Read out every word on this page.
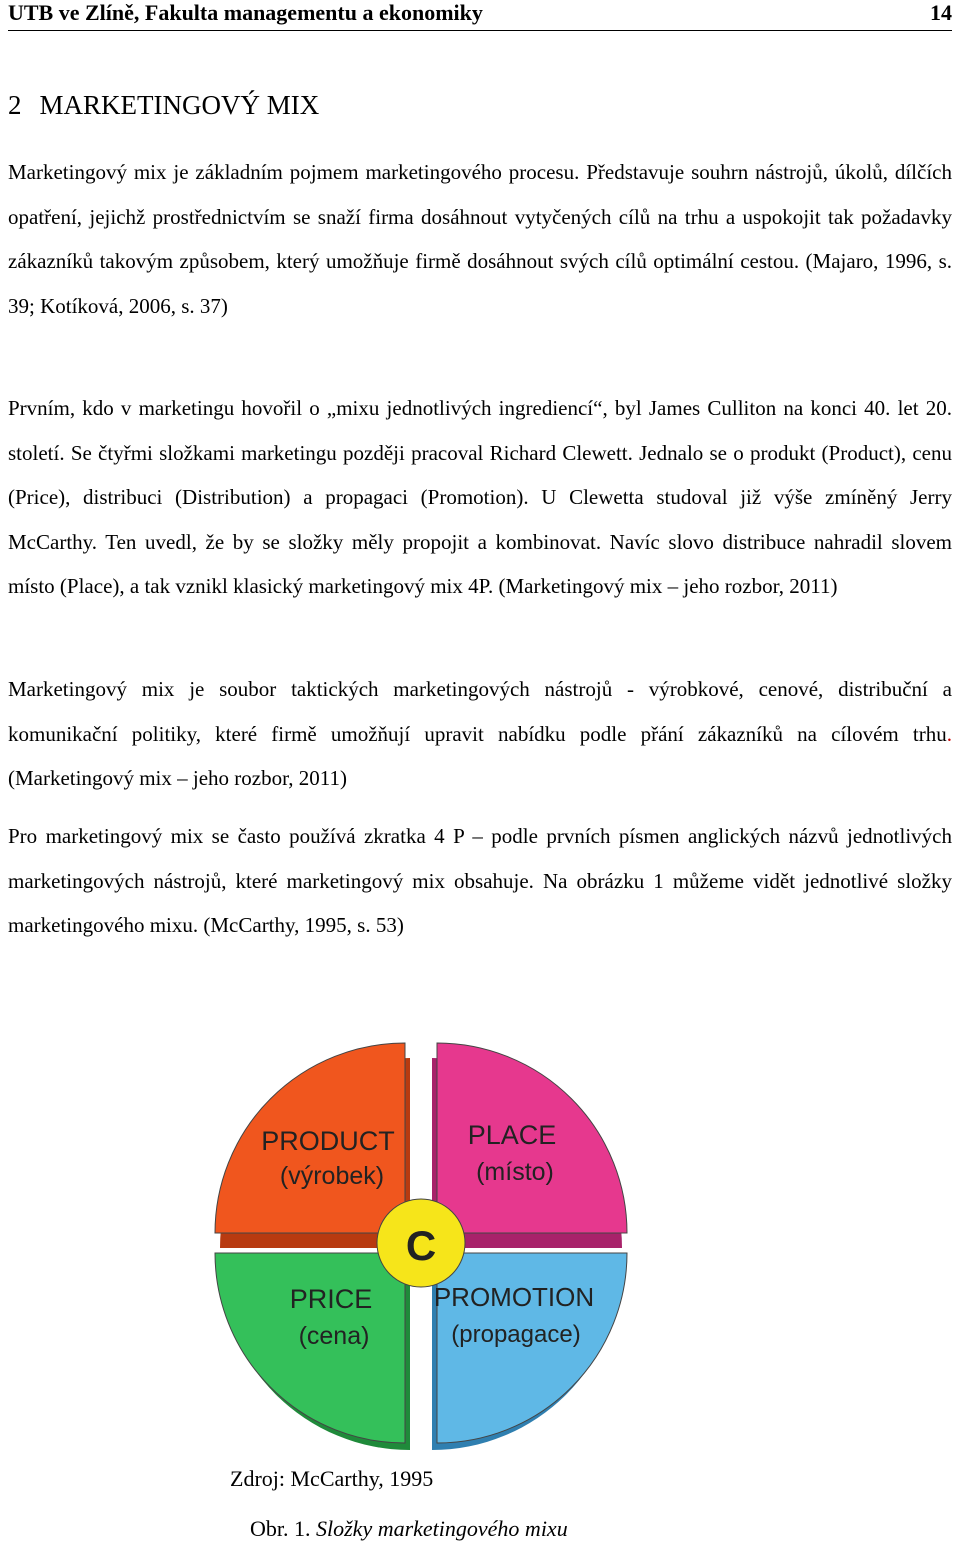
UTB ve Zlíně, Fakulta managementu a ekonomiky	14
2 MARKETINGOVÝ MIX

Marketingový mix je základním pojmem marketingového procesu. Představuje souhrn nástrojů, úkolů, dílčích opatření, jejichž prostřednictvím se snaží firma dosáhnout vytyčených cílů na trhu a uspokojit tak požadavky zákazníků takovým způsobem, který umožňuje firmě dosáhnout svých cílů optimální cestou. (Majaro, 1996, s. 39; Kotíková, 2006, s. 37)

Prvním, kdo v marketingu hovořil o „mixu jednotlivých ingrediencí“, byl James Culliton na konci 40. let 20. století. Se čtyřmi složkami marketingu později pracoval Richard Clewett. Jednalo se o produkt (Product), cenu (Price), distribuci (Distribution) a propagaci (Promotion). U Clewetta studoval již výše zmíněný Jerry McCarthy. Ten uvedl, že by se složky měly propojit a kombinovat. Navíc slovo distribuce nahradil slovem místo (Place), a tak vznikl klasický marketingový mix 4P. (Marketingový mix – jeho rozbor, 2011)

Marketingový mix je soubor taktických marketingových nástrojů - výrobkové, cenové, distribuční a komunikační politiky, které firmě umožňují upravit nabídku podle přání zákazníků na cílovém trhu. (Marketingový mix – jeho rozbor, 2011)

Pro marketingový mix se často používá zkratka 4 P – podle prvních písmen anglických názvů jednotlivých marketingových nástrojů, které marketingový mix obsahuje. Na obrázku 1 můžeme vidět jednotlivé složky marketingového mixu. (McCarthy, 1995, s. 53)

C
PRODUCT
(výrobek)
PLACE
(místo)
PRICE
(cena)
PROMOTION
(propagace)
Zdroj: McCarthy, 1995
Obr. 1. Složky marketingového mixu
